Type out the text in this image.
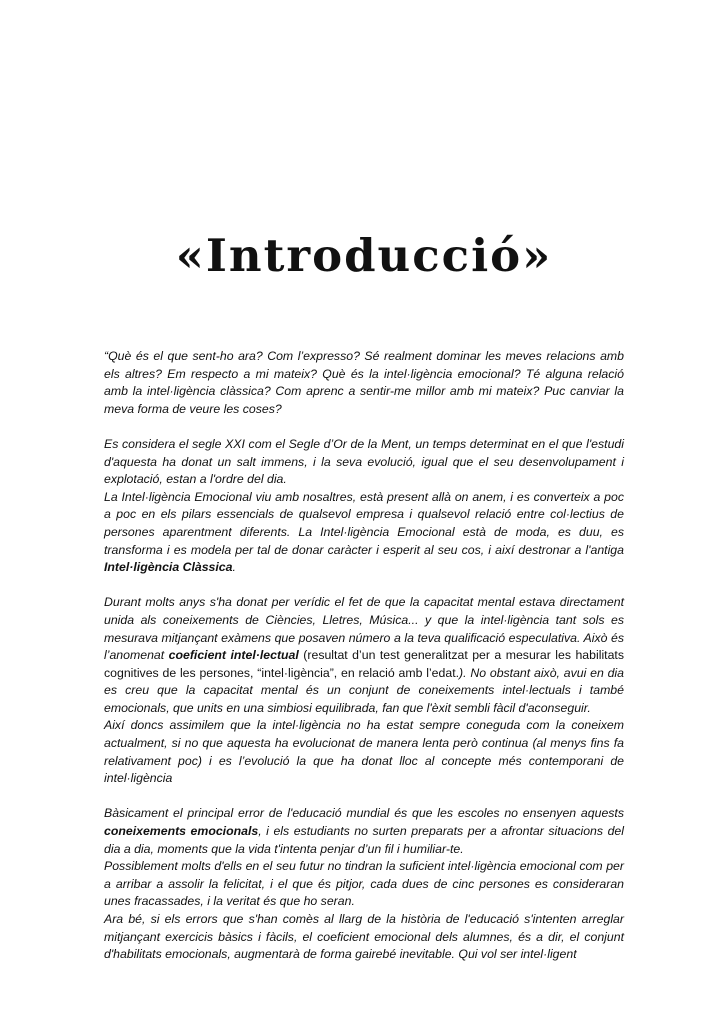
«Introducció»

“Què és el que sent-ho ara? Com l’expresso? Sé realment dominar les meves relacions amb els altres? Em respecto a mi mateix? Què és la intel·ligència emocional? Té alguna relació amb la intel·ligència clàssica? Com aprenc a sentir-me millor amb mi mateix? Puc canviar la meva forma de veure les coses?

Es considera el segle XXI com el Segle d’Or de la Ment, un temps determinat en el que l'estudi d'aquesta ha donat un salt immens, i la seva evolució, igual que el seu desenvolupament i explotació, estan a l'ordre del dia.

La Intel·ligència Emocional viu amb nosaltres, està present allà on anem, i es converteix a poc a poc en els pilars essencials de qualsevol empresa i qualsevol relació entre col·lectius de persones aparentment diferents. La Intel·ligència Emocional està de moda, es duu, es transforma i es modela per tal de donar caràcter i esperit al seu cos, i així destronar a l'antiga Intel·ligència Clàssica.

Durant molts anys s'ha donat per verídic el fet de que la capacitat mental estava directament unida als coneixements de Ciències, Lletres, Música... y que la intel·ligència tant sols es mesurava mitjançant exàmens que posaven número a la teva qualificació especulativa. Això és l’anomenat coeficient intel·lectual (resultat d’un test generalitzat per a mesurar les habilitats cognitives de les persones, “intel·ligència”, en relació amb l’edat.). No obstant això, avui en dia es creu que la capacitat mental és un conjunt de coneixements intel·lectuals i també emocionals, que units en una simbiosi equilibrada, fan que l'èxit sembli fàcil d'aconseguir.

Així doncs assimilem que la intel·ligència no ha estat sempre coneguda com la coneixem actualment, si no que aquesta ha evolucionat de manera lenta però continua (al menys fins fa relativament poc) i es l’evolució la que ha donat lloc al concepte més contemporani de intel·ligència

Bàsicament el principal error de l'educació mundial és que les escoles no ensenyen aquests coneixements emocionals, i els estudiants no surten preparats per a afrontar situacions del dia a dia, moments que la vida t'intenta penjar d’un fil i humiliar-te.

Possiblement molts d'ells en el seu futur no tindran la suficient intel·ligència emocional com per a arribar a assolir la felicitat, i el que és pitjor, cada dues de cinc persones es consideraran unes fracassades, i la veritat és que ho seran.

Ara bé, si els errors que s'han comès al llarg de la història de l'educació s'intenten arreglar mitjançant exercicis bàsics i fàcils, el coeficient emocional dels alumnes, és a dir, el conjunt d'habilitats emocionals, augmentarà de forma gairebé inevitable. Qui vol ser intel·ligent
